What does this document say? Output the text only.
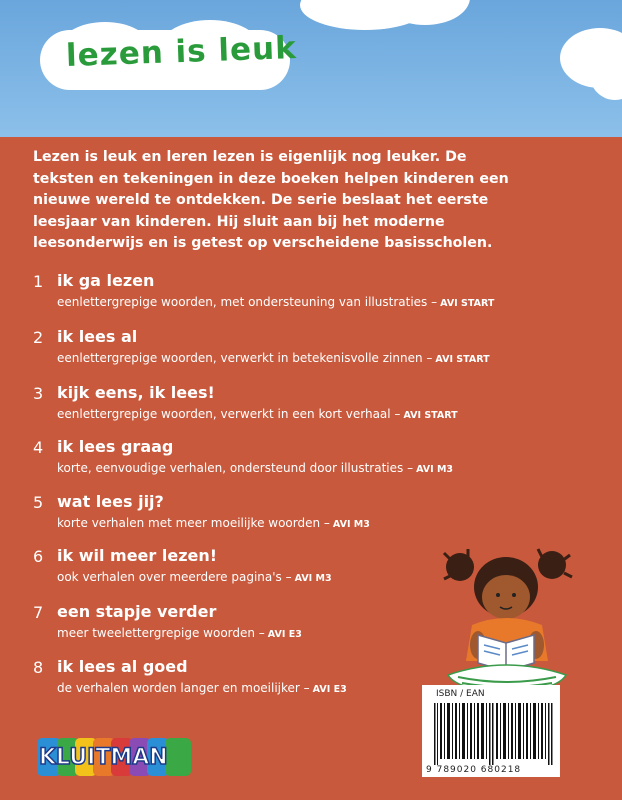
lezen is leuk
Lezen is leuk en leren lezen is eigenlijk nog leuker. De teksten en tekeningen in deze boeken helpen kinderen een nieuwe wereld te ontdekken. De serie beslaat het eerste leesjaar van kinderen. Hij sluit aan bij het moderne leesonderwijs en is getest op verscheidene basisscholen.
1 ik ga lezen
eenlettergrepige woorden, met ondersteuning van illustraties – AVI START
2 ik lees al
eenlettergrepige woorden, verwerkt in betekenisvolle zinnen – AVI START
3 kijk eens, ik lees!
eenlettergrepige woorden, verwerkt in een kort verhaal – AVI START
4 ik lees graag
korte, eenvoudige verhalen, ondersteund door illustraties – AVI M3
5 wat lees jij?
korte verhalen met meer moeilijke woorden – AVI M3
6 ik wil meer lezen!
ook verhalen over meerdere pagina's – AVI M3
7 een stapje verder
meer tweelettergrepige woorden – AVI E3
8 ik lees al goed
de verhalen worden langer en moeilijker – AVI E3	ISBN / EAN
9 789020 680218
KLUITMAN
